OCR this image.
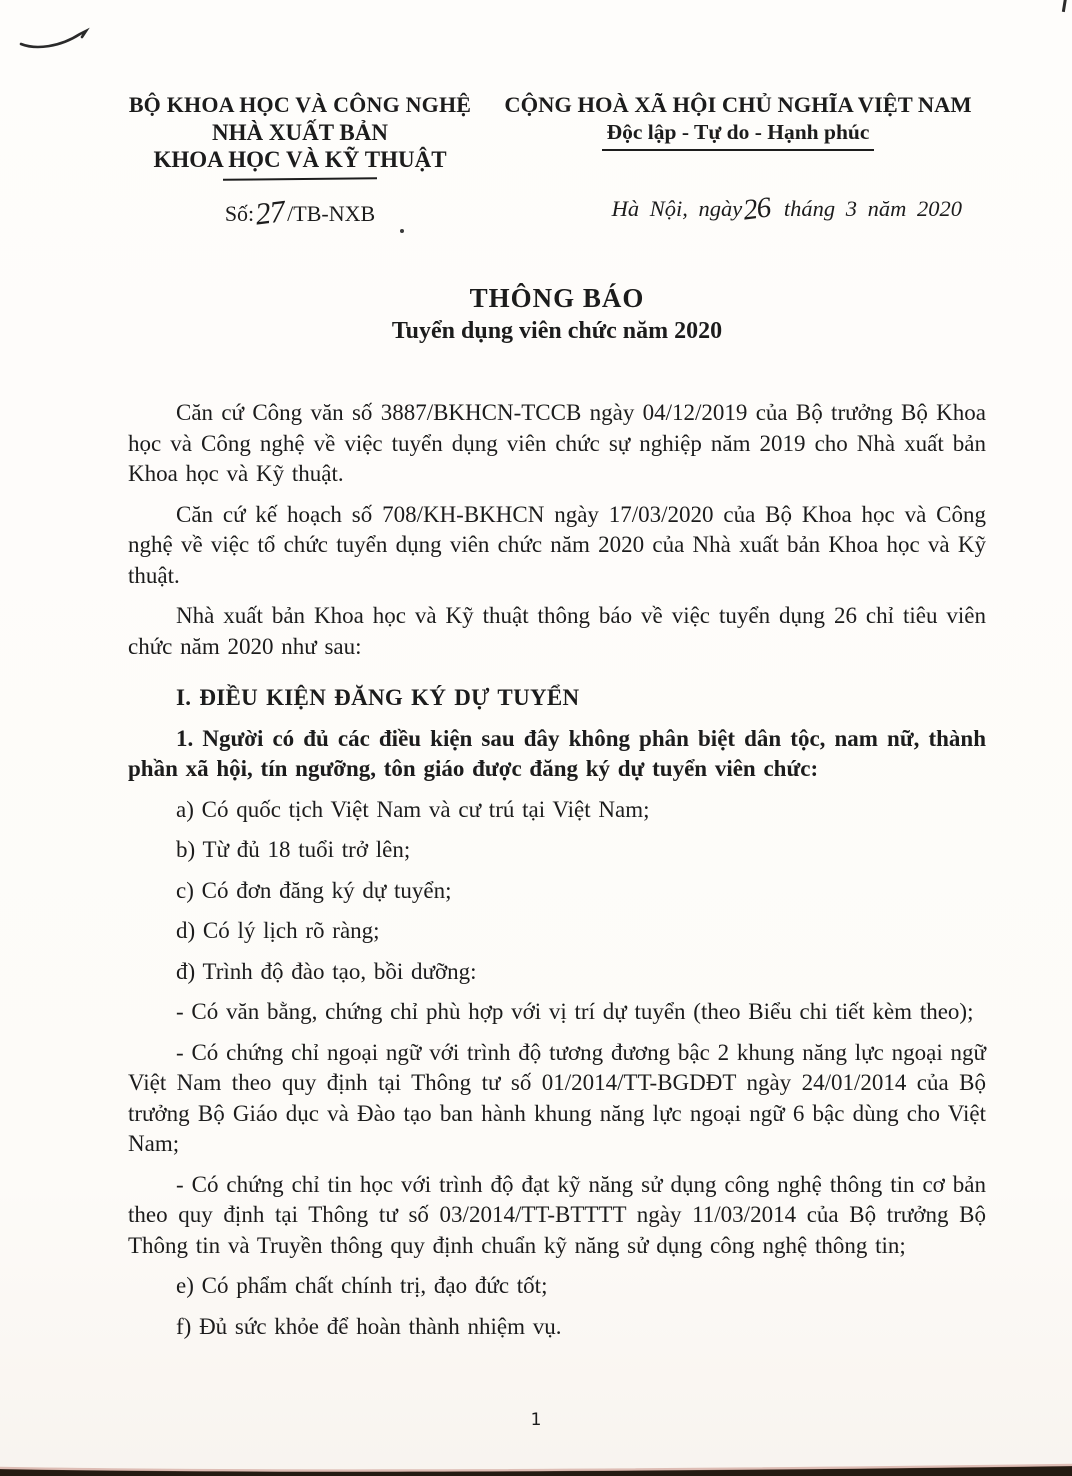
BỘ KHOA HỌC VÀ CÔNG NGHỆ
NHÀ XUẤT BẢN
KHOA HỌC VÀ KỸ THUẬT
Số:27/TB-NXB
CỘNG HOÀ XÃ HỘI CHỦ NGHĨA VIỆT NAM
Độc lập - Tự do - Hạnh phúc
Hà Nội, ngày26 tháng 3 năm 2020
THÔNG BÁO
Tuyển dụng viên chức năm 2020

Căn cứ Công văn số 3887/BKHCN-TCCB ngày 04/12/2019 của Bộ trưởng Bộ Khoa học và Công nghệ về việc tuyển dụng viên chức sự nghiệp năm 2019 cho Nhà xuất bản Khoa học và Kỹ thuật.

Căn cứ kế hoạch số 708/KH-BKHCN ngày 17/03/2020 của Bộ Khoa học và Công nghệ về việc tổ chức tuyển dụng viên chức năm 2020 của Nhà xuất bản Khoa học và Kỹ thuật.

Nhà xuất bản Khoa học và Kỹ thuật thông báo về việc tuyển dụng 26 chỉ tiêu viên chức năm 2020 như sau:

I. ĐIỀU KIỆN ĐĂNG KÝ DỰ TUYỂN

1. Người có đủ các điều kiện sau đây không phân biệt dân tộc, nam nữ, thành phần xã hội, tín ngưỡng, tôn giáo được đăng ký dự tuyển viên chức:

a) Có quốc tịch Việt Nam và cư trú tại Việt Nam;

b) Từ đủ 18 tuổi trở lên;

c) Có đơn đăng ký dự tuyển;

d) Có lý lịch rõ ràng;

đ) Trình độ đào tạo, bồi dưỡng:

- Có văn bằng, chứng chỉ phù hợp với vị trí dự tuyển (theo Biểu chi tiết kèm theo);

- Có chứng chỉ ngoại ngữ với trình độ tương đương bậc 2 khung năng lực ngoại ngữ Việt Nam theo quy định tại Thông tư số 01/2014/TT-BGDĐT ngày 24/01/2014 của Bộ trưởng Bộ Giáo dục và Đào tạo ban hành khung năng lực ngoại ngữ 6 bậc dùng cho Việt Nam;

- Có chứng chỉ tin học với trình độ đạt kỹ năng sử dụng công nghệ thông tin cơ bản theo quy định tại Thông tư số 03/2014/TT-BTTTT ngày 11/03/2014 của Bộ trưởng Bộ Thông tin và Truyền thông quy định chuẩn kỹ năng sử dụng công nghệ thông tin;

e) Có phẩm chất chính trị, đạo đức tốt;

f) Đủ sức khỏe để hoàn thành nhiệm vụ.

1
